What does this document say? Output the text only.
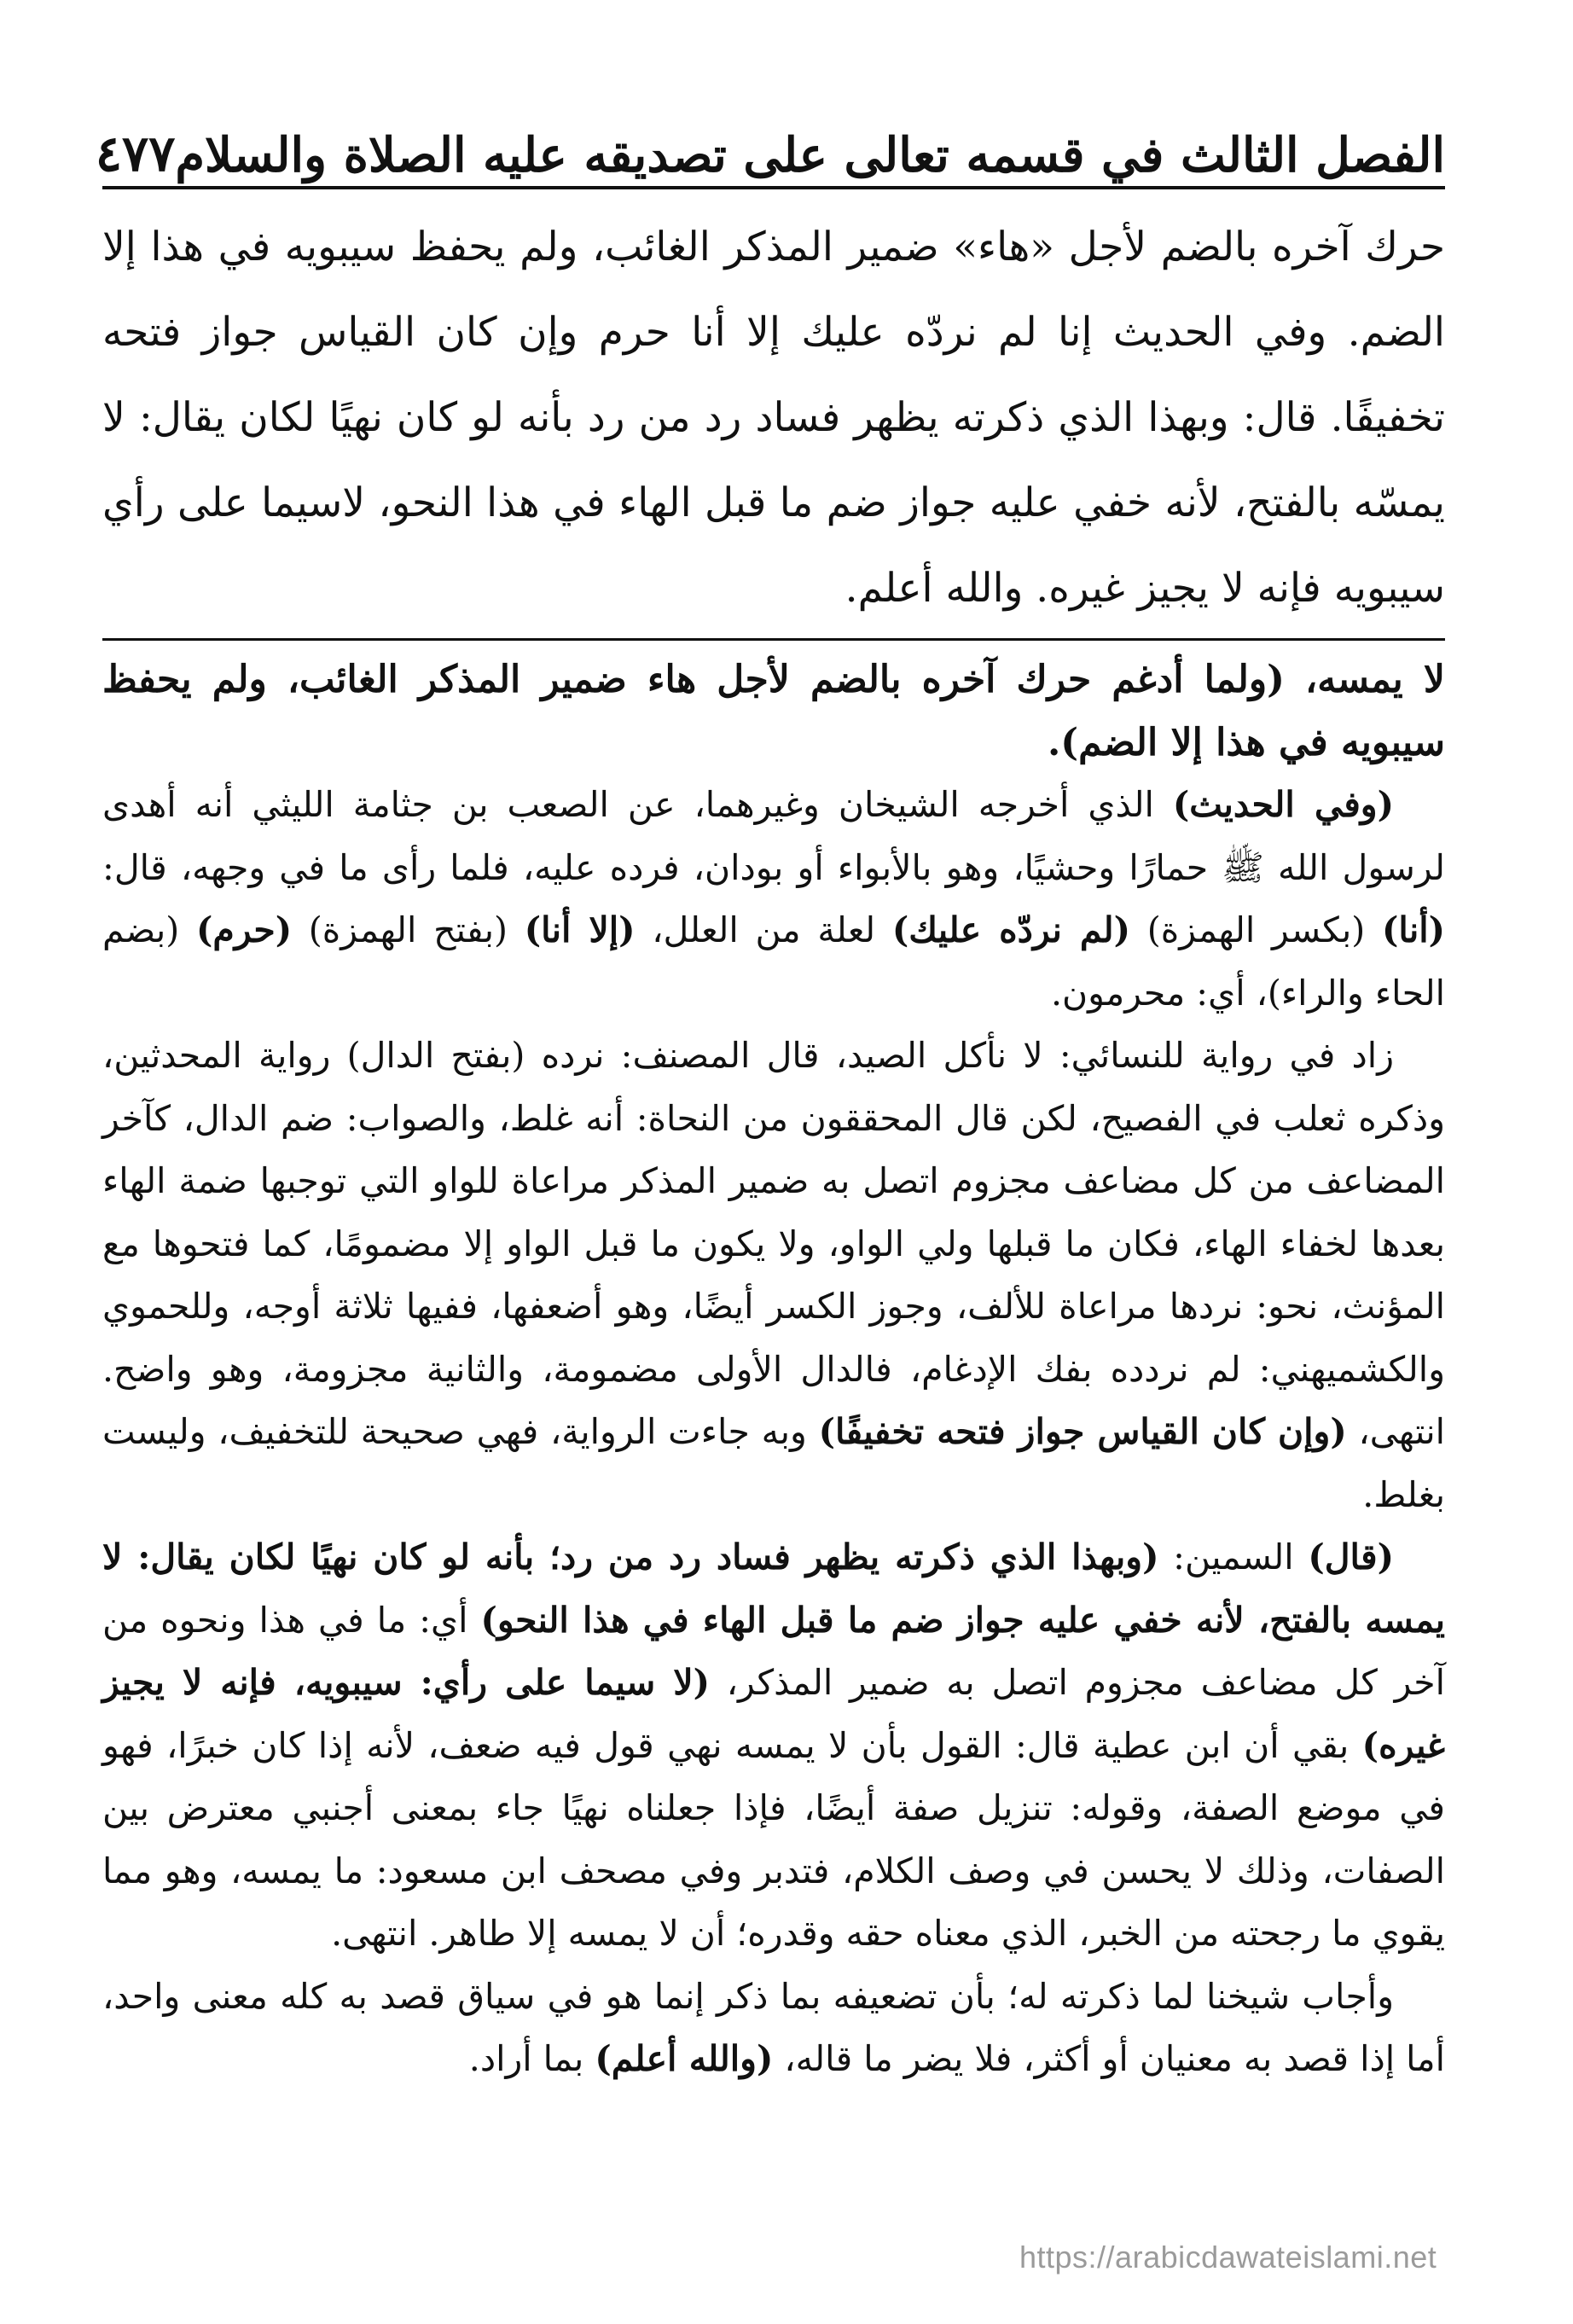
الفصل الثالث في قسمه تعالى على تصديقه عليه الصلاة والسلام
٤٧٧

حرك آخره بالضم لأجل «هاء» ضمير المذكر الغائب، ولم يحفظ سيبويه في هذا إلا الضم. وفي الحديث إنا لم نردّه عليك إلا أنا حرم وإن كان القياس جواز فتحه تخفيفًا. قال: وبهذا الذي ذكرته يظهر فساد رد من رد بأنه لو كان نهيًا لكان يقال: لا يمسّه بالفتح، لأنه خفي عليه جواز ضم ما قبل الهاء في هذا النحو، لاسيما على رأي سيبويه فإنه لا يجيز غيره. والله أعلم.

لا يمسه، (ولما أدغم حرك آخره بالضم لأجل هاء ضمير المذكر الغائب، ولم يحفظ سيبويه في هذا إلا الضم).

(وفي الحديث) الذي أخرجه الشيخان وغيرهما، عن الصعب بن جثامة الليثي أنه أهدى لرسول الله ﷺ حمارًا وحشيًا، وهو بالأبواء أو بودان، فرده عليه، فلما رأى ما في وجهه، قال: (أنا) (بكسر الهمزة) (لم نردّه عليك) لعلة من العلل، (إلا أنا) (بفتح الهمزة) (حرم) (بضم الحاء والراء)، أي: محرمون.

زاد في رواية للنسائي: لا نأكل الصيد، قال المصنف: نرده (بفتح الدال) رواية المحدثين، وذكره ثعلب في الفصيح، لكن قال المحققون من النحاة: أنه غلط، والصواب: ضم الدال، كآخر المضاعف من كل مضاعف مجزوم اتصل به ضمير المذكر مراعاة للواو التي توجبها ضمة الهاء بعدها لخفاء الهاء، فكان ما قبلها ولي الواو، ولا يكون ما قبل الواو إلا مضمومًا، كما فتحوها مع المؤنث، نحو: نردها مراعاة للألف، وجوز الكسر أيضًا، وهو أضعفها، ففيها ثلاثة أوجه، وللحموي والكشميهني: لم نردده بفك الإدغام، فالدال الأولى مضمومة، والثانية مجزومة، وهو واضح. انتهى، (وإن كان القياس جواز فتحه تخفيفًا) وبه جاءت الرواية، فهي صحيحة للتخفيف، وليست بغلط.

(قال) السمين: (وبهذا الذي ذكرته يظهر فساد رد من رد؛ بأنه لو كان نهيًا لكان يقال: لا يمسه بالفتح، لأنه خفي عليه جواز ضم ما قبل الهاء في هذا النحو) أي: ما في هذا ونحوه من آخر كل مضاعف مجزوم اتصل به ضمير المذكر، (لا سيما على رأي: سيبويه، فإنه لا يجيز غيره) بقي أن ابن عطية قال: القول بأن لا يمسه نهي قول فيه ضعف، لأنه إذا كان خبرًا، فهو في موضع الصفة، وقوله: تنزيل صفة أيضًا، فإذا جعلناه نهيًا جاء بمعنى أجنبي معترض بين الصفات، وذلك لا يحسن في وصف الكلام، فتدبر وفي مصحف ابن مسعود: ما يمسه، وهو مما يقوي ما رجحته من الخبر، الذي معناه حقه وقدره؛ أن لا يمسه إلا طاهر. انتهى.

وأجاب شيخنا لما ذكرته له؛ بأن تضعيفه بما ذكر إنما هو في سياق قصد به كله معنى واحد، أما إذا قصد به معنيان أو أكثر، فلا يضر ما قاله، (والله أعلم) بما أراد.

https://arabicdawateislami.net
